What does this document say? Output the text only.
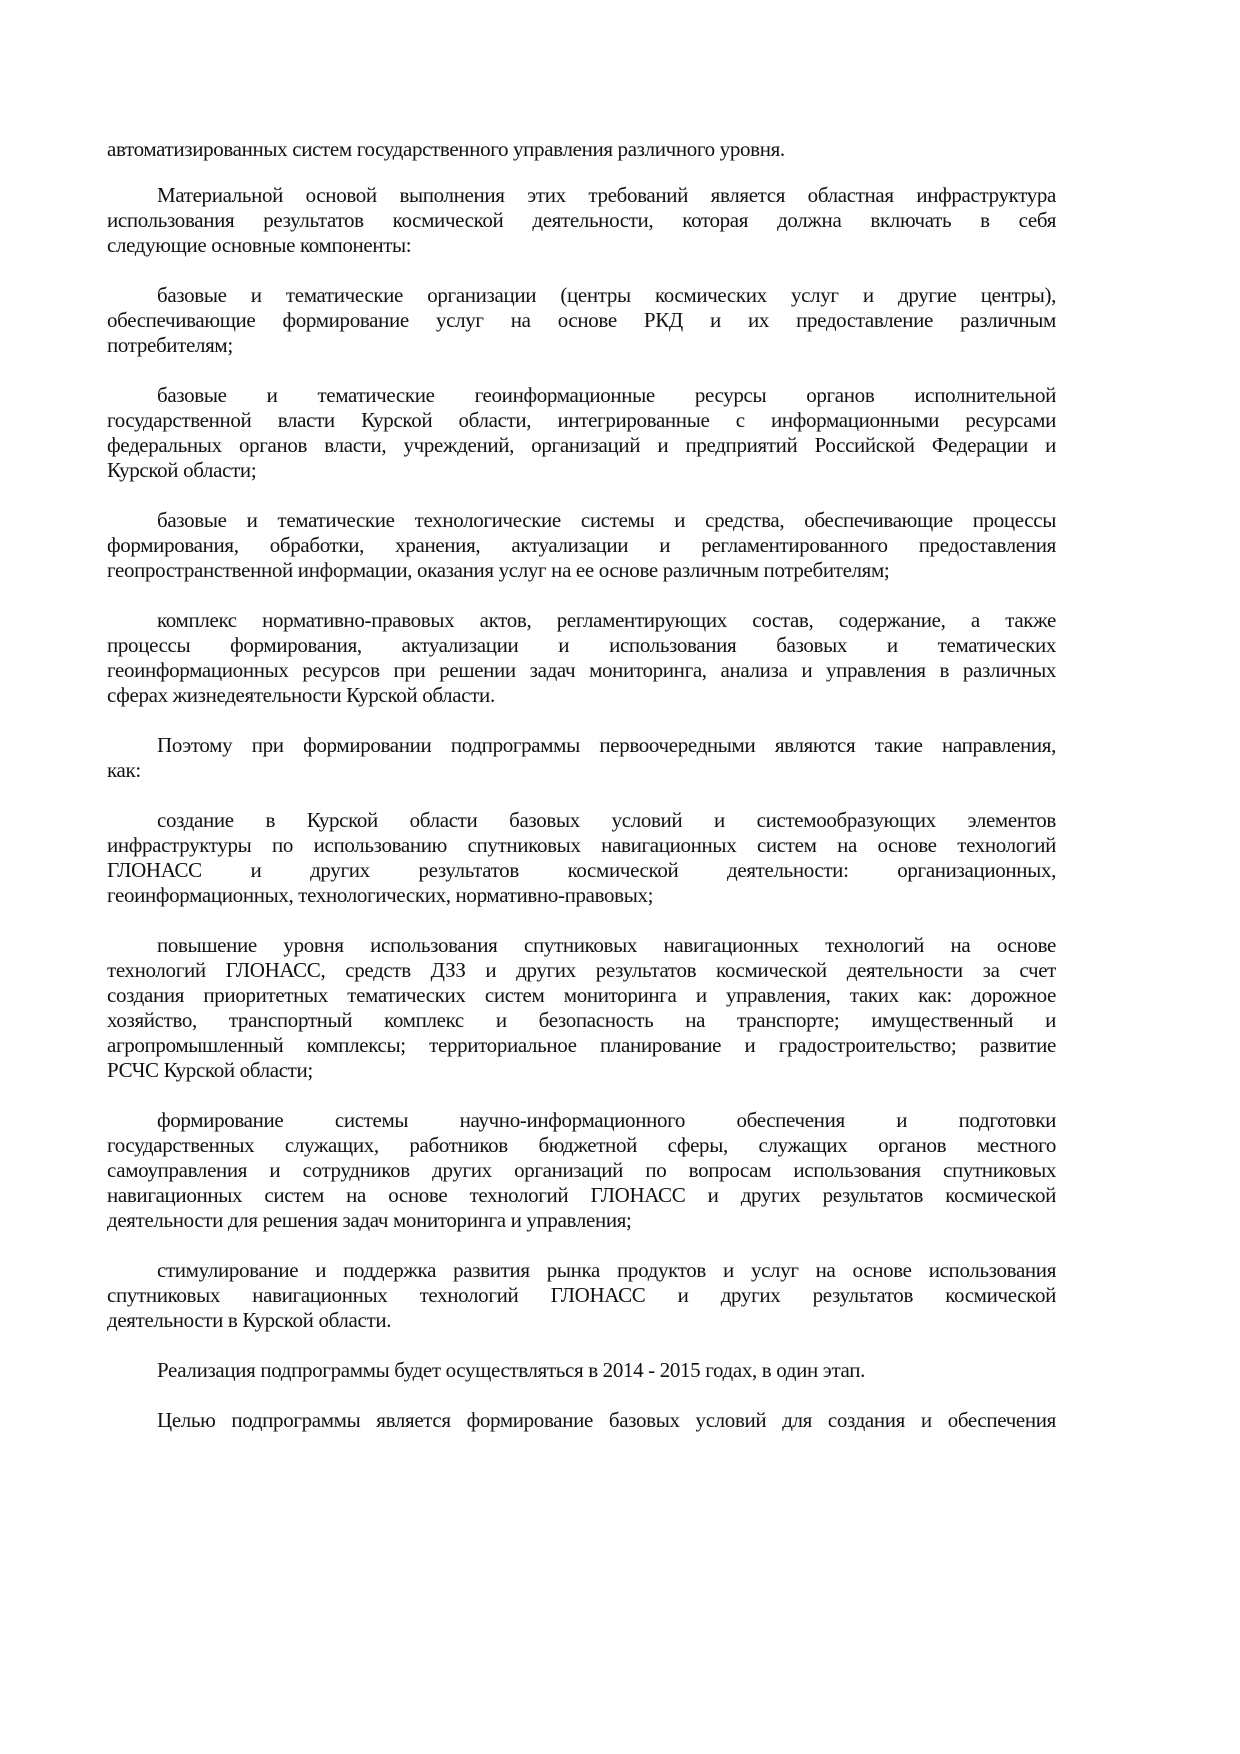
автоматизированных систем государственного управления различного уровня.
Материальной основой выполнения этих требований является областная инфраструктура
использования результатов космической деятельности, которая должна включать в себя
следующие основные компоненты:
базовые и тематические организации (центры космических услуг и другие центры),
обеспечивающие формирование услуг на основе РКД и их предоставление различным
потребителям;
базовые и тематические геоинформационные ресурсы органов исполнительной
государственной власти Курской области, интегрированные с информационными ресурсами
федеральных органов власти, учреждений, организаций и предприятий Российской Федерации и
Курской области;
базовые и тематические технологические системы и средства, обеспечивающие процессы
формирования, обработки, хранения, актуализации и регламентированного предоставления
геопространственной информации, оказания услуг на ее основе различным потребителям;
комплекс нормативно-правовых актов, регламентирующих состав, содержание, а также
процессы формирования, актуализации и использования базовых и тематических
геоинформационных ресурсов при решении задач мониторинга, анализа и управления в различных
сферах жизнедеятельности Курской области.
Поэтому при формировании подпрограммы первоочередными являются такие направления,
как:
создание в Курской области базовых условий и системообразующих элементов
инфраструктуры по использованию спутниковых навигационных систем на основе технологий
ГЛОНАСС и других результатов космической деятельности: организационных,
геоинформационных, технологических, нормативно-правовых;
повышение уровня использования спутниковых навигационных технологий на основе
технологий ГЛОНАСС, средств ДЗЗ и других результатов космической деятельности за счет
создания приоритетных тематических систем мониторинга и управления, таких как: дорожное
хозяйство, транспортный комплекс и безопасность на транспорте; имущественный и
агропромышленный комплексы; территориальное планирование и градостроительство; развитие
РСЧС Курской области;
формирование системы научно-информационного обеспечения и подготовки
государственных служащих, работников бюджетной сферы, служащих органов местного
самоуправления и сотрудников других организаций по вопросам использования спутниковых
навигационных систем на основе технологий ГЛОНАСС и других результатов космической
деятельности для решения задач мониторинга и управления;
стимулирование и поддержка развития рынка продуктов и услуг на основе использования
спутниковых навигационных технологий ГЛОНАСС и других результатов космической
деятельности в Курской области.
Реализация подпрограммы будет осуществляться в 2014 - 2015 годах, в один этап.
Целью подпрограммы является формирование базовых условий для создания и обеспечения
